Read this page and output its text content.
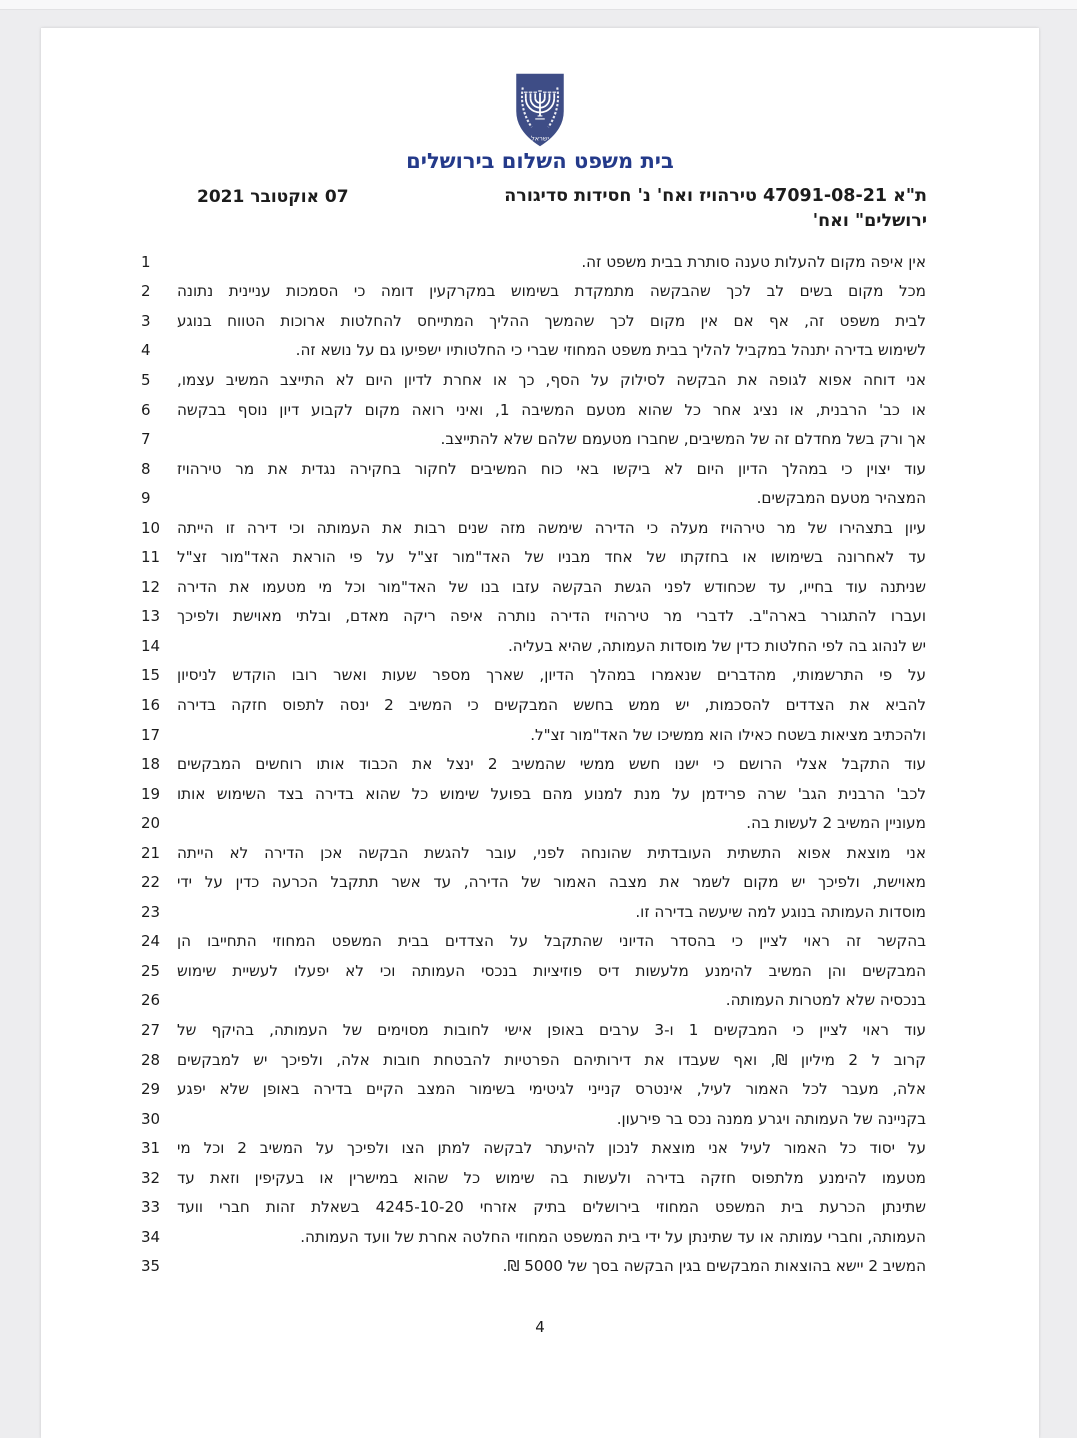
ישראל
בית משפט השלום בירושלים
07 אוקטובר 2021	ת"א 47091-08-21 טירהויז ואח' נ' חסידות סדיגורה
ירושלים" ואח'
1	אין איפה מקום להעלות טענה סותרת בבית משפט זה.
2	מכל מקום בשים לב לכך שהבקשה מתמקדת בשימוש במקרקעין דומה כי הסמכות עניינית נתונה
3	לבית משפט זה, אף אם אין מקום לכך שהמשך ההליך המתייחס להחלטות ארוכות הטווח בנוגע
4	לשימוש בדירה יתנהל במקביל להליך בבית משפט המחוזי שברי כי החלטותיו ישפיעו גם על נושא זה.
5	אני דוחה אפוא לגופה את הבקשה לסילוק על הסף, כך או אחרת לדיון היום לא התייצב המשיב עצמו,
6	או כב' הרבנית, או נציג אחר כל שהוא מטעם המשיבה 1, ואיני רואה מקום לקבוע דיון נוסף בבקשה
7	אך ורק בשל מחדלם זה של המשיבים, שחברו מטעמם שלהם שלא להתייצב.
8	עוד יצוין כי במהלך הדיון היום לא ביקשו באי כוח המשיבים לחקור בחקירה נגדית את מר טירהויז
9	המצהיר מטעם המבקשים.
10 עיון בתצהירו של מר טירהויז מעלה כי הדירה שימשה מזה שנים רבות את העמותה וכי דירה זו הייתה
11 עד לאחרונה בשימושו או בחזקתו של אחד מבניו של האד"מור זצ"ל על פי הוראת האד"מור זצ"ל
12 שניתנה עוד בחייו, עד שכחודש לפני הגשת הבקשה עזבו בנו של האד"מור וכל מי מטעמו את הדירה
13 ועברו להתגורר בארה"ב. לדברי מר טירהויז הדירה נותרה איפה ריקה מאדם, ובלתי מאוישת ולפיכך
14	יש לנהוג בה לפי החלטות כדין של מוסדות העמותה, שהיא בעליה.
15 על פי התרשמותי, מהדברים שנאמרו במהלך הדיון, שארך מספר שעות ואשר רובו הוקדש לניסיון
16 להביא את הצדדים להסכמות, יש ממש בחשש המבקשים כי המשיב 2 ינסה לתפוס חזקה בדירה
17	ולהכתיב מציאות בשטח כאילו הוא ממשיכו של האד"מור זצ"ל.
18 עוד התקבל אצלי הרושם כי ישנו חשש ממשי שהמשיב 2 ינצל את הכבוד אותו רוחשים המבקשים
19 לכב' הרבנית הגב' שרה פרידמן על מנת למנוע מהם בפועל שימוש כל שהוא בדירה בצד השימוש אותו
20	מעוניין המשיב 2 לעשות בה.
21 אני מוצאת אפוא התשתית העובדתית שהונחה לפני, עובר להגשת הבקשה אכן הדירה לא הייתה
22 מאוישת, ולפיכך יש מקום לשמר את מצבה האמור של הדירה, עד אשר תתקבל הכרעה כדין על ידי
23	מוסדות העמותה בנוגע למה שיעשה בדירה זו.
24 בהקשר זה ראוי לציין כי בהסדר הדיוני שהתקבל על הצדדים בבית המשפט המחוזי התחייבו הן
25 המבקשים והן המשיב להימנע מלעשות דיס פוזיציות בנכסי העמותה וכי לא יפעלו לעשיית שימוש
26	בנכסיה שלא למטרות העמותה.
27 עוד ראוי לציין כי המבקשים 1 ו-3 ערבים באופן אישי לחובות מסוימים של העמותה, בהיקף של
28 קרוב ל 2 מיליון ₪, ואף שעבדו את דירותיהם הפרטיות להבטחת חובות אלה, ולפיכך יש למבקשים
29 אלה, מעבר לכל האמור לעיל, אינטרס קנייני לגיטימי בשימור המצב הקיים בדירה באופן שלא יפגע
30	בקניינה של העמותה ויגרע ממנה נכס בר פירעון.
31 על יסוד כל האמור לעיל אני מוצאת לנכון להיעתר לבקשה למתן הצו ולפיכך על המשיב 2 וכל מי
32 מטעמו להימנע מלתפוס חזקה בדירה ולעשות בה שימוש כל שהוא במישרין או בעקיפין וזאת עד
33 שתינתן הכרעת בית המשפט המחוזי בירושלים בתיק אזרחי 4245-10-20 בשאלת זהות חברי וועד
34	העמותה, וחברי עמותה או עד שתינתן על ידי בית המשפט המחוזי החלטה אחרת של וועד העמותה.
35	המשיב 2 יישא בהוצאות המבקשים בגין הבקשה בסך של 5000 ₪.
4
